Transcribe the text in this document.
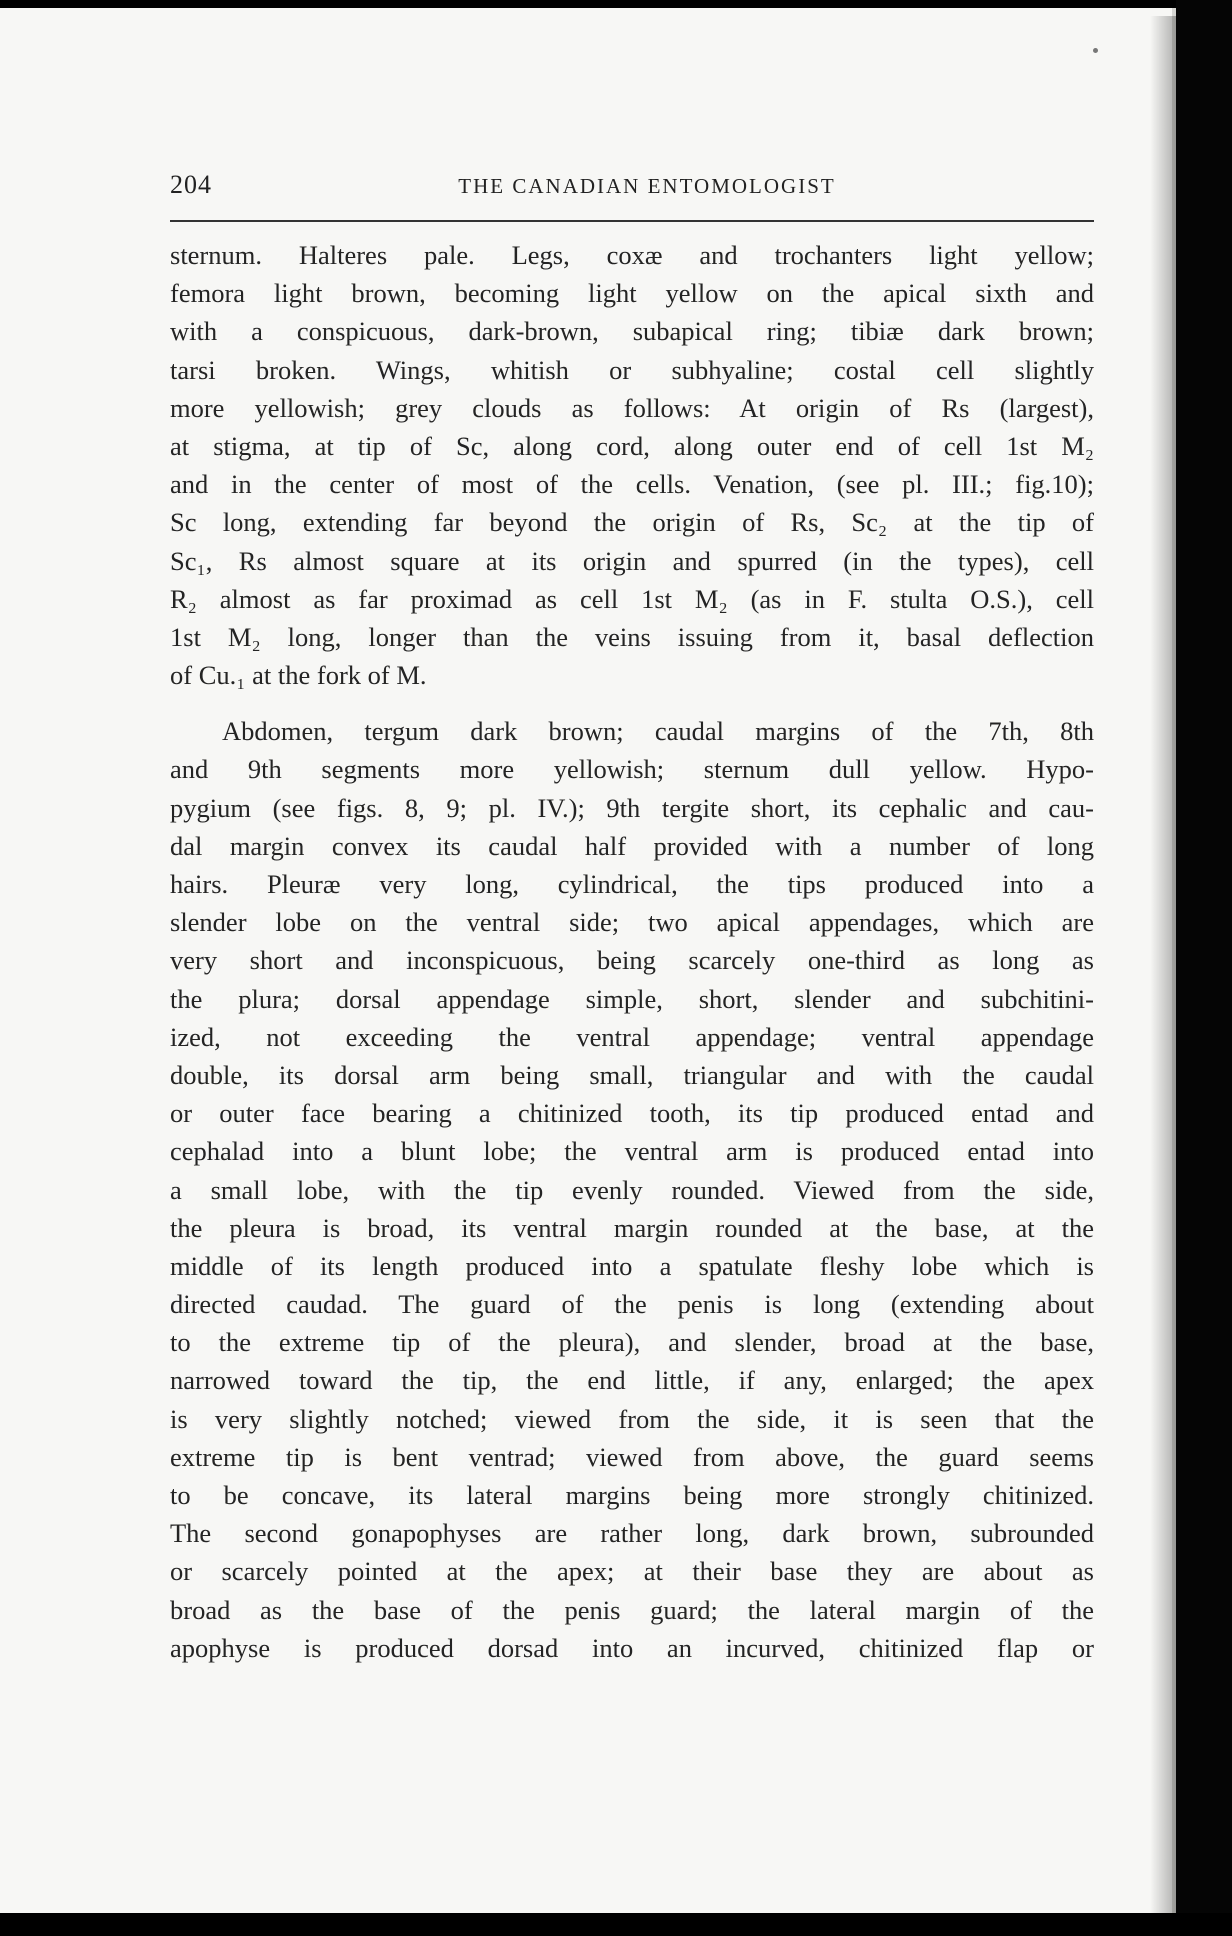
204	THE CANADIAN ENTOMOLOGIST
sternum. Halteres pale. Legs, coxæ and trochanters light yellow;
femora light brown, becoming light yellow on the apical sixth and
with a conspicuous, dark-brown, subapical ring; tibiæ dark brown;
tarsi broken. Wings, whitish or subhyaline; costal cell slightly
more yellowish; grey clouds as follows: At origin of Rs (largest),
at stigma, at tip of Sc, along cord, along outer end of cell 1st M₂
and in the center of most of the cells. Venation, (see pl. III.; fig.10);
Sc long, extending far beyond the origin of Rs, Sc₂ at the tip of
Sc₁, Rs almost square at its origin and spurred (in the types), cell
R₂ almost as far proximad as cell 1st M₂ (as in F. stulta O.S.), cell
1st M₂ long, longer than the veins issuing from it, basal deflection
of Cu.₁ at the fork of M.
Abdomen, tergum dark brown; caudal margins of the 7th, 8th
and 9th segments more yellowish; sternum dull yellow. Hypo-
pygium (see figs. 8, 9; pl. IV.); 9th tergite short, its cephalic and cau-
dal margin convex its caudal half provided with a number of long
hairs. Pleuræ very long, cylindrical, the tips produced into a
slender lobe on the ventral side; two apical appendages, which are
very short and inconspicuous, being scarcely one-third as long as
the plura; dorsal appendage simple, short, slender and subchitini-
ized, not exceeding the ventral appendage; ventral appendage
double, its dorsal arm being small, triangular and with the caudal
or outer face bearing a chitinized tooth, its tip produced entad and
cephalad into a blunt lobe; the ventral arm is produced entad into
a small lobe, with the tip evenly rounded. Viewed from the side,
the pleura is broad, its ventral margin rounded at the base, at the
middle of its length produced into a spatulate fleshy lobe which is
directed caudad. The guard of the penis is long (extending about
to the extreme tip of the pleura), and slender, broad at the base,
narrowed toward the tip, the end little, if any, enlarged; the apex
is very slightly notched; viewed from the side, it is seen that the
extreme tip is bent ventrad; viewed from above, the guard seems
to be concave, its lateral margins being more strongly chitinized.
The second gonapophyses are rather long, dark brown, subrounded
or scarcely pointed at the apex; at their base they are about as
broad as the base of the penis guard; the lateral margin of the
apophyse is produced dorsad into an incurved, chitinized flap or
